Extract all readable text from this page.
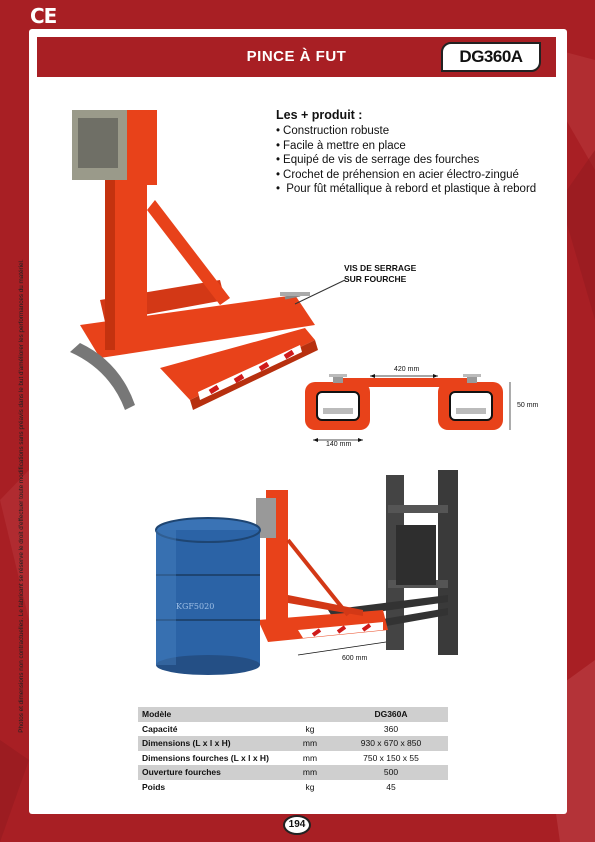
CE
Photos et dimensions non contractuelles. Le fabricant se réserve le droit d'effectuer toute modifications sans préavis dans le but d'améliorer les performances du matériel.
PINCE À FUT	DG360A
Les + produit :
• Construction robuste
• Facile à mettre en place
• Equipé de vis de serrage des fourches
• Crochet de préhension en acier électro-zingué
• Pour fût métallique à rebord et plastique à rebord
VIS DE SERRAGE
SUR FOURCHE
420 mm
50 mm
140 mm
KGF5020
600 mm
Modèle		DG360A
Capacité	kg	360
Dimensions (L x l x H)	mm	930 x 670 x 850
Dimensions fourches (L x l x H)	mm	750 x 150 x 55
Ouverture fourches	mm	500
Poids	kg	45
194
